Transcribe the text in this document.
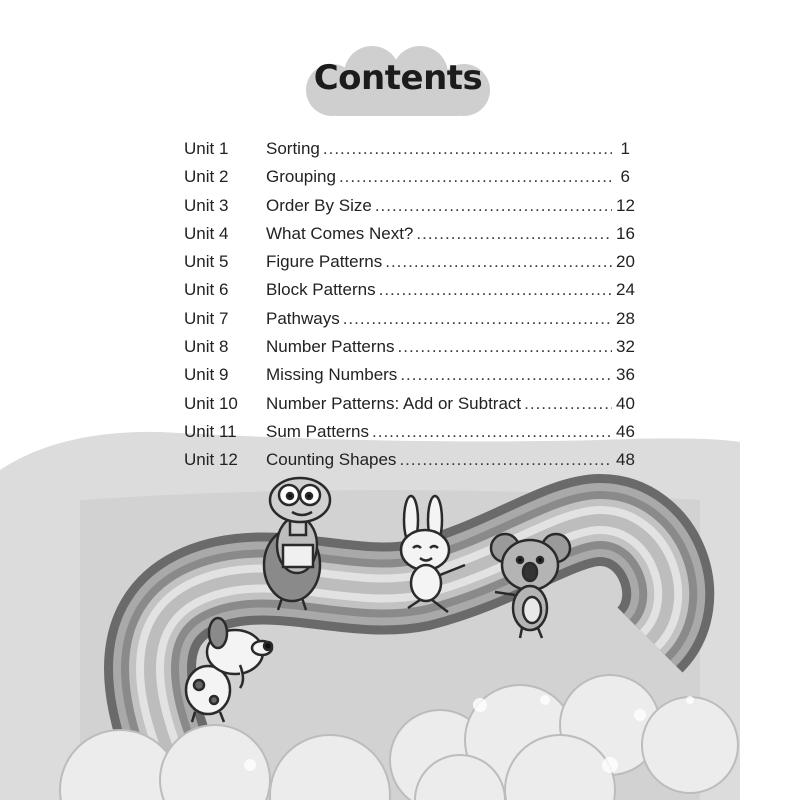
Contents
Unit 1	Sorting .....	1
Unit 2	Grouping .....	6
Unit 3	Order By Size .....	12
Unit 4	What Comes Next? .....	16
Unit 5	Figure Patterns .....	20
Unit 6	Block Patterns .....	24
Unit 7	Pathways .....	28
Unit 8	Number Patterns .....	32
Unit 9	Missing Numbers .....	36
Unit 10	Number Patterns: Add or Subtract .....	40
Unit 11	Sum Patterns .....	46
Unit 12	Counting Shapes .....	48
